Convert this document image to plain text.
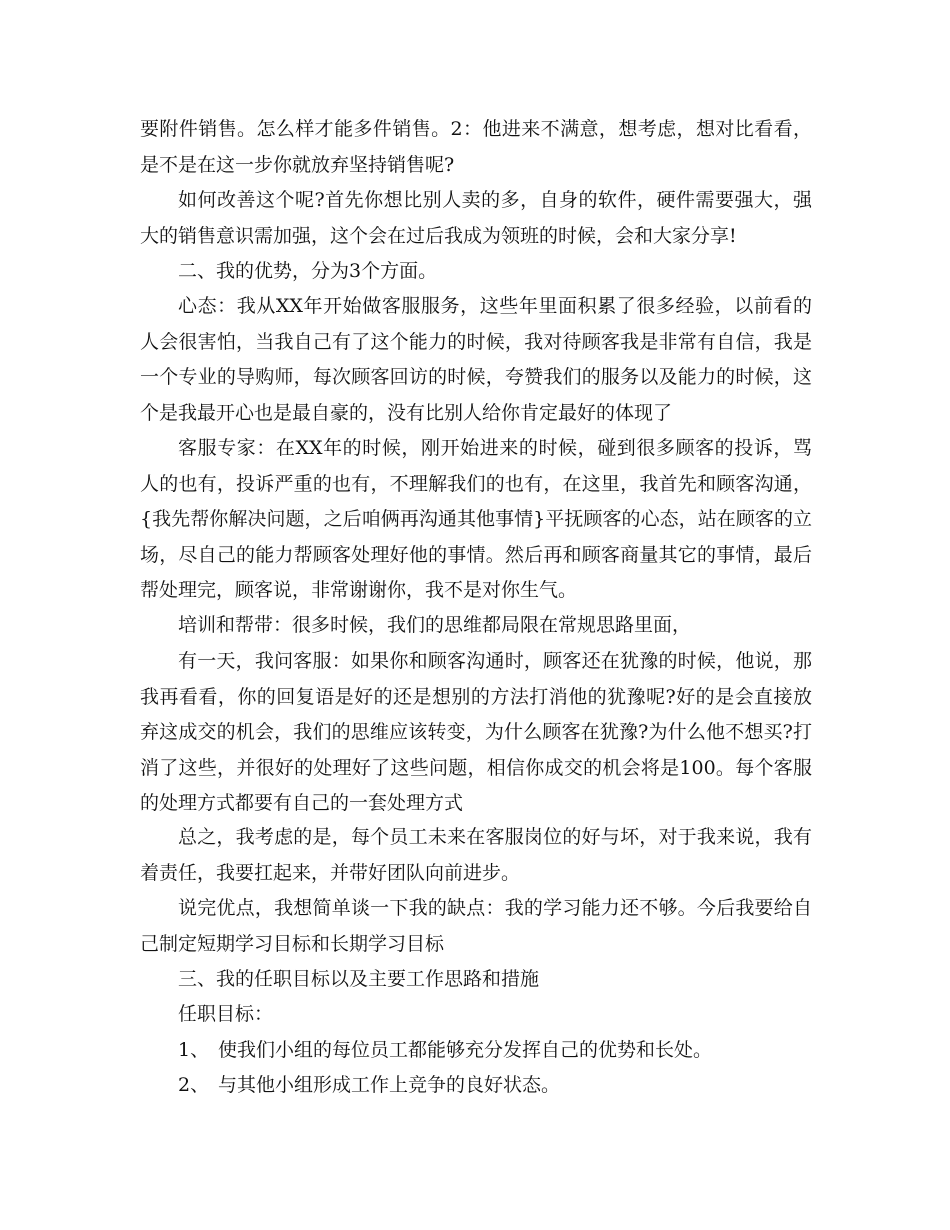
要附件销售。怎么样才能多件销售。2：他进来不满意，想考虑，想对比看看，是不是在这一步你就放弃坚持销售呢?

如何改善这个呢?首先你想比别人卖的多，自身的软件，硬件需要强大，强大的销售意识需加强，这个会在过后我成为领班的时候，会和大家分享!

二、我的优势，分为3个方面。

心态：我从XX年开始做客服服务，这些年里面积累了很多经验，以前看的人会很害怕，当我自己有了这个能力的时候，我对待顾客我是非常有自信，我是一个专业的导购师，每次顾客回访的时候，夸赞我们的服务以及能力的时候，这个是我最开心也是最自豪的，没有比别人给你肯定最好的体现了

客服专家：在XX年的时候，刚开始进来的时候，碰到很多顾客的投诉，骂人的也有，投诉严重的也有，不理解我们的也有，在这里，我首先和顾客沟通，{我先帮你解决问题，之后咱俩再沟通其他事情}平抚顾客的心态，站在顾客的立场，尽自己的能力帮顾客处理好他的事情。然后再和顾客商量其它的事情，最后帮处理完，顾客说，非常谢谢你，我不是对你生气。

培训和帮带：很多时候，我们的思维都局限在常规思路里面，

有一天，我问客服：如果你和顾客沟通时，顾客还在犹豫的时候，他说，那我再看看，你的回复语是好的还是想别的方法打消他的犹豫呢?好的是会直接放弃这成交的机会，我们的思维应该转变，为什么顾客在犹豫?为什么他不想买?打消了这些，并很好的处理好了这些问题，相信你成交的机会将是100。每个客服的处理方式都要有自己的一套处理方式

总之，我考虑的是，每个员工未来在客服岗位的好与坏，对于我来说，我有着责任，我要扛起来，并带好团队向前进步。

说完优点，我想简单谈一下我的缺点：我的学习能力还不够。今后我要给自己制定短期学习目标和长期学习目标

三、我的任职目标以及主要工作思路和措施

任职目标：

1、 使我们小组的每位员工都能够充分发挥自己的优势和长处。

2、 与其他小组形成工作上竞争的良好状态。
